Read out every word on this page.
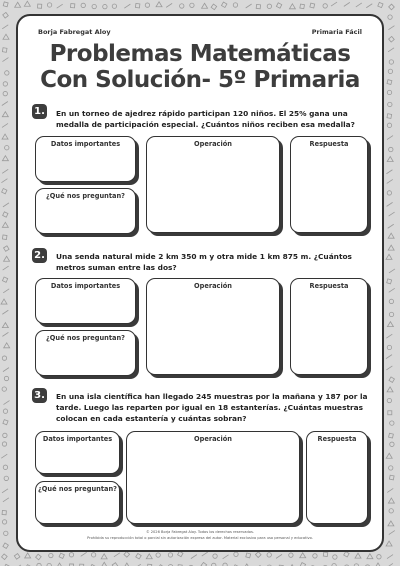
Borja Fabregat Aloy	Primaria Fácil
Problemas Matemáticas
Con Solución- 5º Primaria
1. En un torneo de ajedrez rápido participan 120 niños. El 25% gana una medalla de participación especial. ¿Cuántos niños reciben esa medalla?
Datos importantes
¿Qué nos preguntan?
Operación	Respuesta
2. Una senda natural mide 2 km 350 m y otra mide 1 km 875 m. ¿Cuántos metros suman entre las dos?
Datos importantes
¿Qué nos preguntan?
Operación	Respuesta
3. En una isla científica han llegado 245 muestras por la mañana y 187 por la tarde. Luego las reparten por igual en 18 estanterías. ¿Cuántas muestras colocan en cada estantería y cuántas sobran?
Datos importantes
¿Qué nos preguntan?
Operación	Respuesta
© 2026 Borja Fabregat Aloy. Todos los derechos reservados.
Prohibida su reproducción total o parcial sin autorización expresa del autor. Material exclusivo para uso personal y educativo.
